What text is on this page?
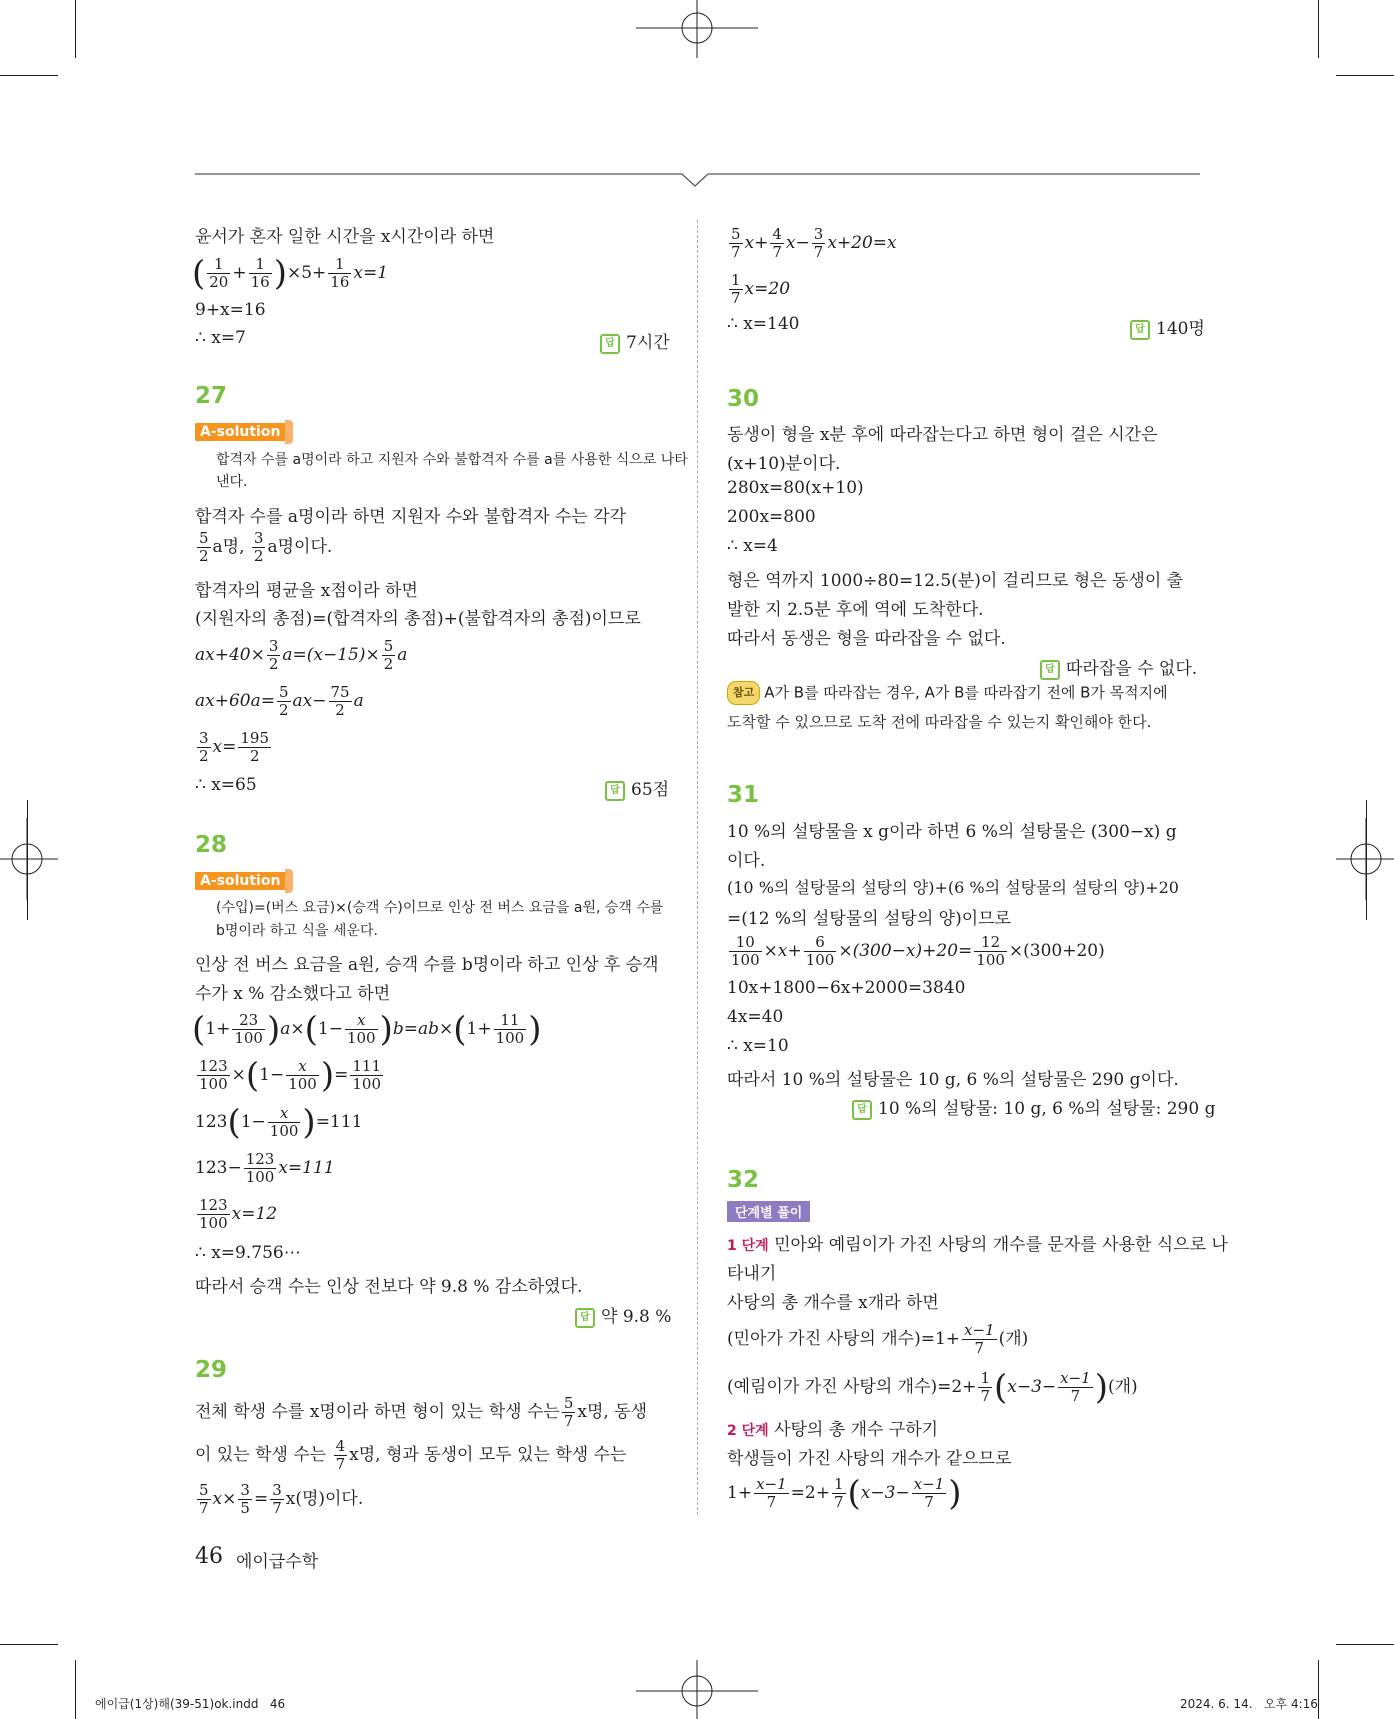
윤서가 혼자 일한 시간을 x시간이라 하면
( $\frac{1}{20} + \frac{1}{16} )\times 5+ \frac{1}{16} x=1$
9+x=16
∴ x=7	답 7시간
27
A-solution
합격자 수를 a명이라 하고 지원자 수와 불합격자 수를 a를 사용한 식으로 나타
낸다.
합격자 수를 a명이라 하면 지원자 수와 불합격자 수는 각각
$\frac{5}{2}$ a명, $\frac{3}{2}$ a명이다.
합격자의 평균을 x점이라 하면
(지원자의 총점)=(합격자의 총점)+(불합격자의 총점)이므로
$ax+40\times \frac{3}{2} a=(x-15)\times \frac{5}{2}$ a
$ax+60a= \frac{5}{2} ax- \frac{75}{2}$ a
$\frac{3}{2} x= \frac{195}{2}$
∴ x=65	답 65점
28
A-solution
(수입)=(버스 요금)×(승객 수)이므로 인상 전 버스 요금을 a원, 승객 수를
b명이라 하고 식을 세운다.
인상 전 버스 요금을 a원, 승객 수를 b명이라 하고 인상 후 승객
수가 x % 감소했다고 하면
$(1+ \frac{23}{100} )a\times(1- \frac{x}{100} )b=ab\times(1+ \frac{11}{100}$ )
$\frac{123}{100} \times(1- \frac{x}{100}$ )= $\frac{111}{100}$
$123(1- \frac{x}{100} )=111$
$123- \frac{123}{100} x=111$
$\frac{123}{100} x=12$
∴ x=9.756⋯
따라서 승객 수는 인상 전보다 약 9.8 % 감소하였다.
답 약 9.8 %
29
전체 학생 수를 x명이라 하면 형이 있는 학생 수는 $\frac{5}{7}$ x명, 동생
이 있는 학생 수는 $\frac{4}{7}$ x명, 형과 동생이 모두 있는 학생 수는
$\frac{5}{7} x\times \frac{3}{5} = \frac{3}{7} x$(명)이다.
$\frac{5}{7} x+ \frac{4}{7} x- \frac{3}{7} x+20=x$
$\frac{1}{7} x=20$
∴ x=140	답 140명
30
동생이 형을 x분 후에 따라잡는다고 하면 형이 걸은 시간은
(x+10)분이다.
280x=80(x+10)
200x=800
∴ x=4
형은 역까지 1000÷80=12.5(분)이 걸리므로 형은 동생이 출
발한 지 2.5분 후에 역에 도착한다.
따라서 동생은 형을 따라잡을 수 없다.
답 따라잡을 수 없다.
참고 A가 B를 따라잡는 경우, A가 B를 따라잡기 전에 B가 목적지에
도착할 수 있으므로 도착 전에 따라잡을 수 있는지 확인해야 한다.
31
10 %의 설탕물을 x g이라 하면 6 %의 설탕물은 (300−x) g
이다.
(10 %의 설탕물의 설탕의 양)+(6 %의 설탕물의 설탕의 양)+20
=(12 %의 설탕물의 설탕의 양)이므로
$\frac{10}{100} \times x+ \frac{6}{100} \times(300-x)+20= \frac{12}{100} \times(300+20)$
10x+1800−6x+2000=3840
4x=40
∴ x=10
따라서 10 %의 설탕물은 10 g, 6 %의 설탕물은 290 g이다.
답 10 %의 설탕물: 10 g, 6 %의 설탕물: 290 g
32
단계별 풀이
1 단계 민아와 예림이가 가진 사탕의 개수를 문자를 사용한 식으로 나
타내기
사탕의 총 개수를 x개라 하면
(민아가 가진 사탕의 개수)$=1+ \frac{x-1}{7}$ (개)
(예림이가 가진 사탕의 개수)$=2+ \frac{1}{7} (x-3- \frac{x-1}{7}$ )(개)
2 단계 사탕의 총 개수 구하기
학생들이 가진 사탕의 개수가 같으므로
$1+ \frac{x-1}{7} =2+ \frac{1}{7} (x-3- \frac{x-1}{7}$ )
46 에이급수학
에이급(1상)해(39-51)ok.indd   46	2024. 6. 14.   오후 4:16
